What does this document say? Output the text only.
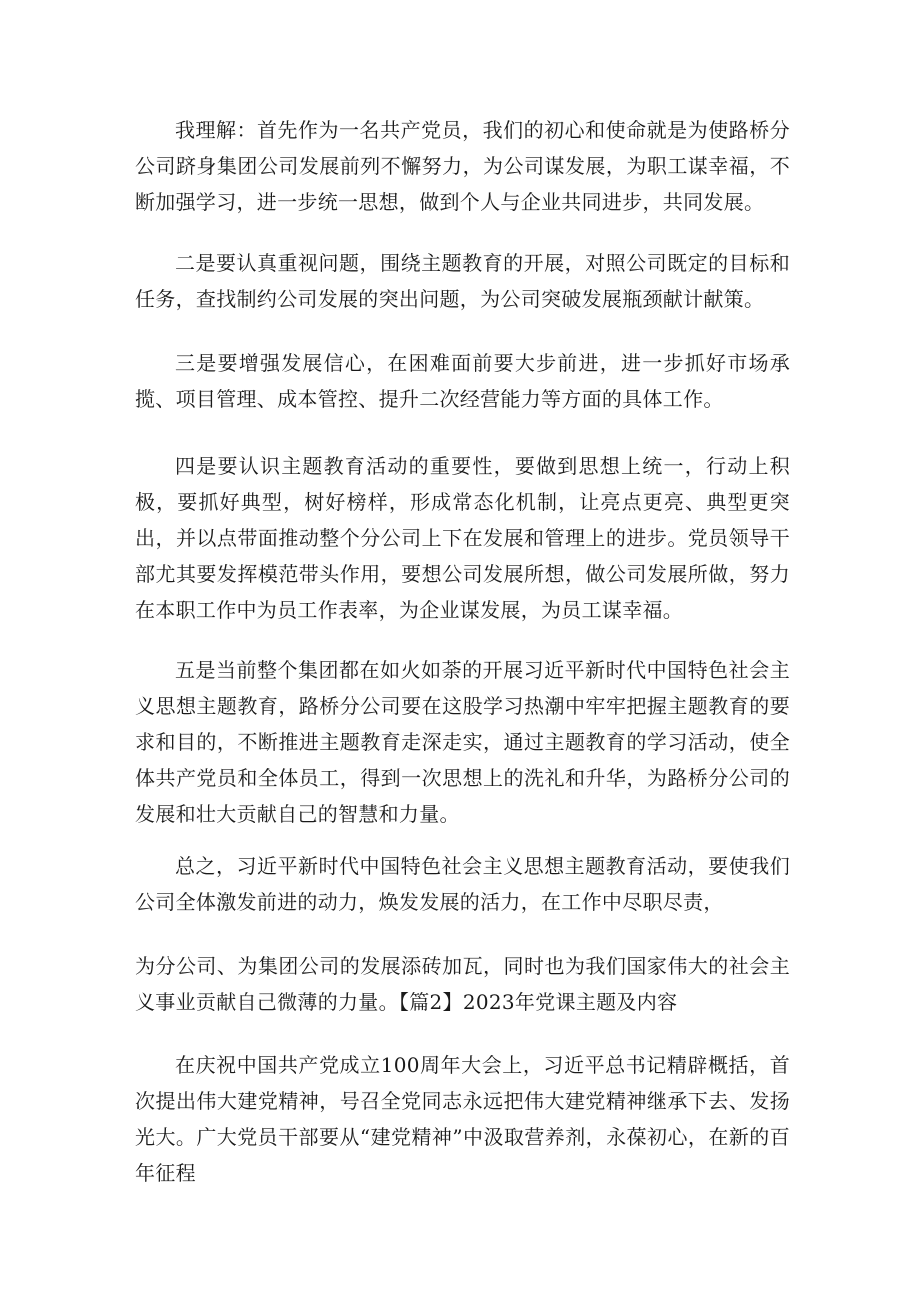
我理解：首先作为一名共产党员，我们的初心和使命就是为使路桥分公司跻身集团公司发展前列不懈努力，为公司谋发展，为职工谋幸福，不断加强学习，进一步统一思想，做到个人与企业共同进步，共同发展。

二是要认真重视问题，围绕主题教育的开展，对照公司既定的目标和任务，查找制约公司发展的突出问题，为公司突破发展瓶颈献计献策。

三是要增强发展信心，在困难面前要大步前进，进一步抓好市场承揽、项目管理、成本管控、提升二次经营能力等方面的具体工作。

四是要认识主题教育活动的重要性，要做到思想上统一，行动上积极，要抓好典型，树好榜样，形成常态化机制，让亮点更亮、典型更突出，并以点带面推动整个分公司上下在发展和管理上的进步。党员领导干部尤其要发挥模范带头作用，要想公司发展所想，做公司发展所做，努力在本职工作中为员工作表率，为企业谋发展，为员工谋幸福。

五是当前整个集团都在如火如荼的开展习近平新时代中国特色社会主义思想主题教育，路桥分公司要在这股学习热潮中牢牢把握主题教育的要求和目的，不断推进主题教育走深走实，通过主题教育的学习活动，使全体共产党员和全体员工，得到一次思想上的洗礼和升华，为路桥分公司的发展和壮大贡献自己的智慧和力量。

总之，习近平新时代中国特色社会主义思想主题教育活动，要使我们公司全体激发前进的动力，焕发发展的活力，在工作中尽职尽责，

为分公司、为集团公司的发展添砖加瓦，同时也为我们国家伟大的社会主义事业贡献自己微薄的力量。【篇2】2023年党课主题及内容

在庆祝中国共产党成立100周年大会上，习近平总书记精辟概括，首次提出伟大建党精神，号召全党同志永远把伟大建党精神继承下去、发扬光大。广大党员干部要从“建党精神”中汲取营养剂，永葆初心，在新的百年征程
